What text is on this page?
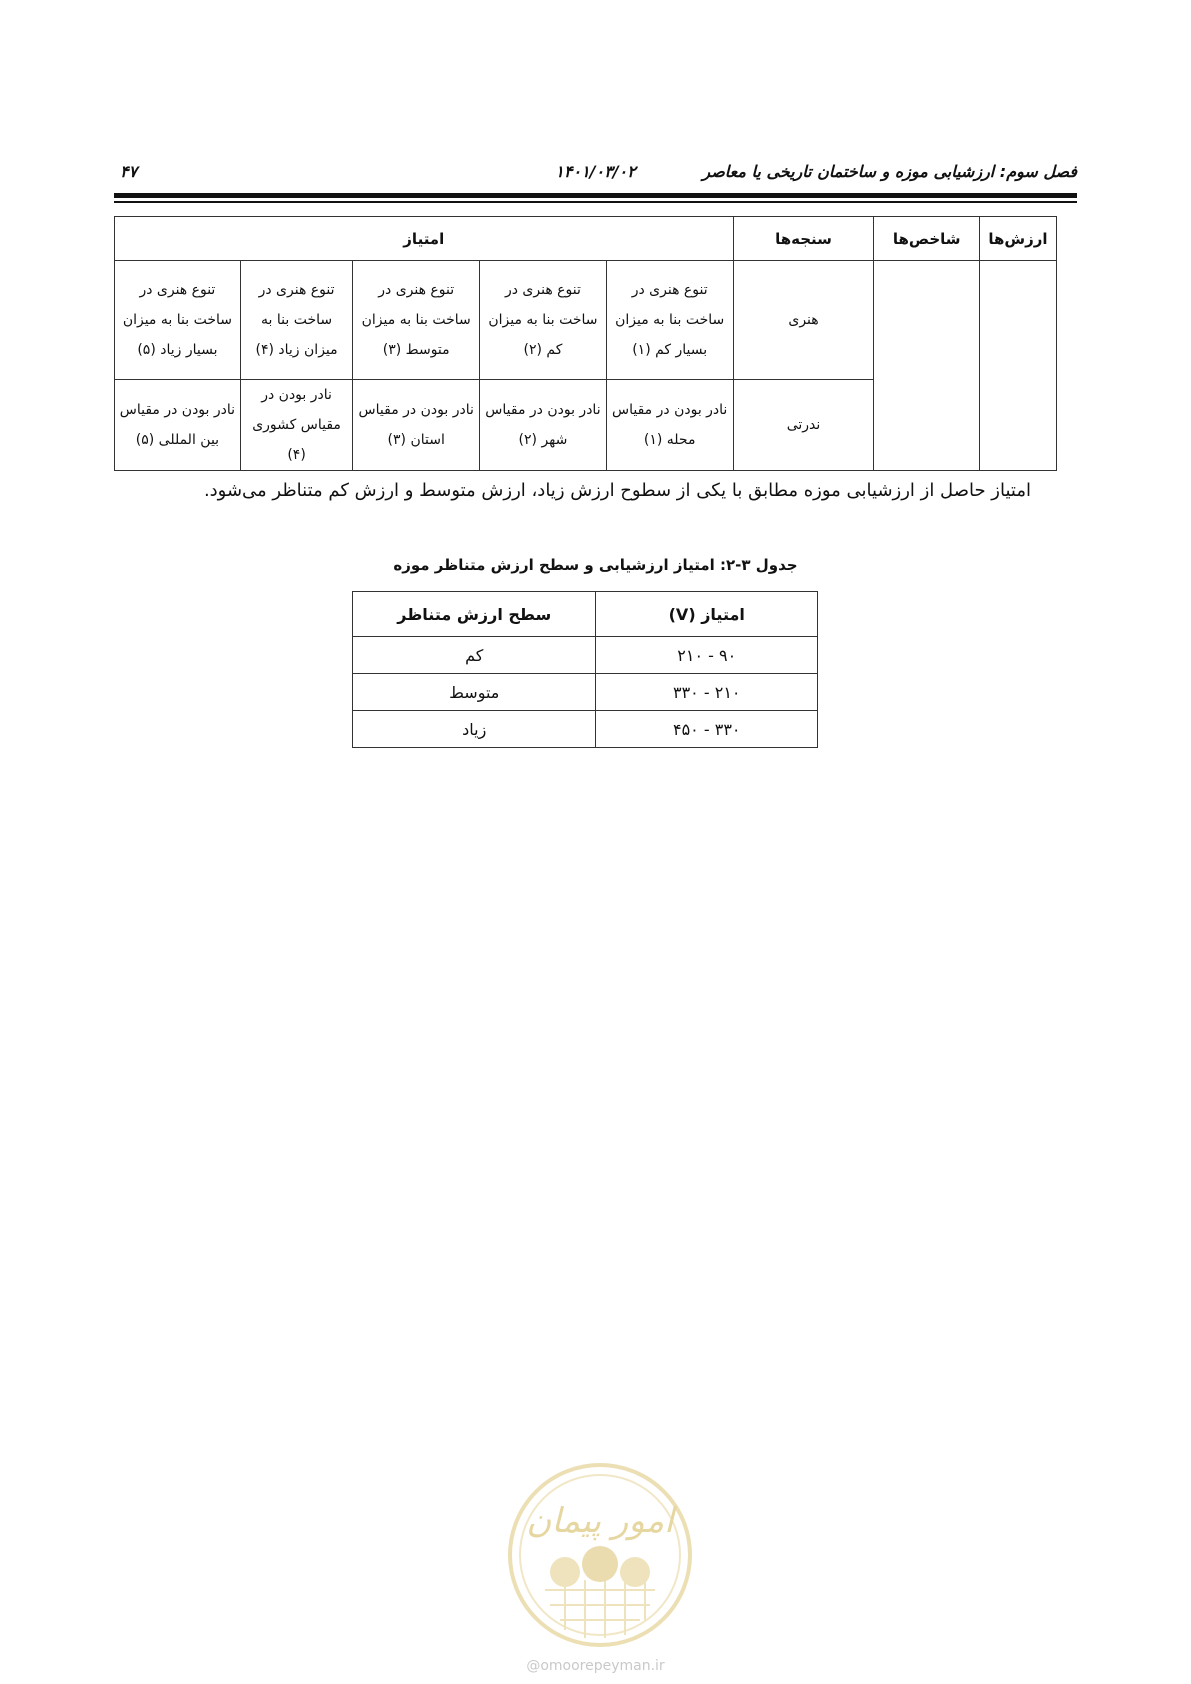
فصل سوم: ارزشیابی موزه و ساختمان تاریخی یا معاصر
۱۴۰۱/۰۳/۰۲
۴۷
ارزش‌ها	شاخص‌ها	سنجه‌ها	امتیاز				
		هنری	تنوع هنری در ساخت بنا به میزان بسیار کم (۱)	تنوع هنری در ساخت بنا به میزان کم (۲)	تنوع هنری در ساخت بنا به میزان متوسط (۳)	تنوع هنری در ساخت بنا به میزان زیاد (۴)	تنوع هنری در ساخت بنا به میزان بسیار زیاد (۵)
		ندرتی	نادر بودن در مقیاس محله (۱)	نادر بودن در مقیاس شهر (۲)	نادر بودن در مقیاس استان (۳)	نادر بودن در مقیاس کشوری (۴)	نادر بودن در مقیاس بین المللی (۵)
امتیاز حاصل از ارزشیابی موزه مطابق با یکی از سطوح ارزش زیاد، ارزش متوسط و ارزش کم متناظر می‌شود.
جدول ۳-۲: امتیاز ارزشیابی و سطح ارزش متناظر موزه
امتیاز (V)	سطح ارزش متناظر
۹۰ - ۲۱۰	کم
۲۱۰ - ۳۳۰	متوسط
۳۳۰ - ۴۵۰	زیاد
امور پیمان
@omoorepeyman.ir
